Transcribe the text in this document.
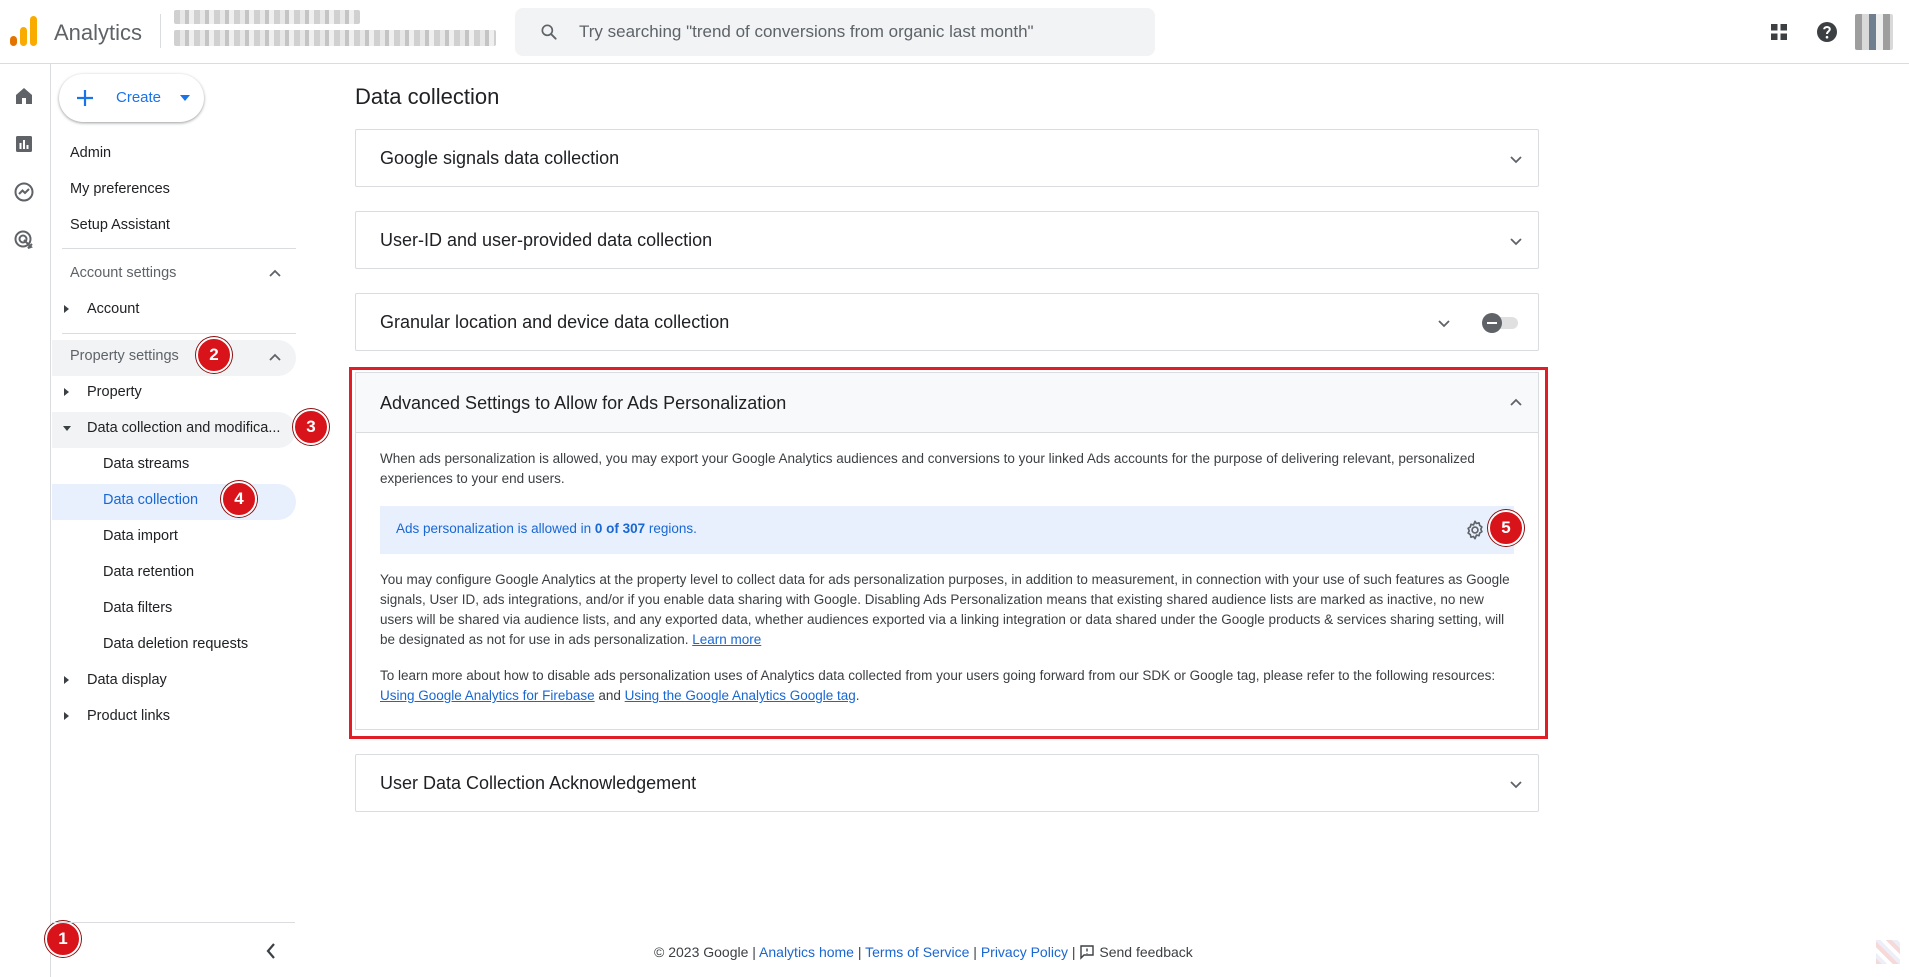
Analytics	Try searching "trend of conversions from organic last month"
1
Create
Admin
My preferences
Setup Assistant
Account settings
Account
Property settings
Property
Data collection and modifica...
Data streams
Data collection
Data import
Data retention
Data filters
Data deletion requests
Data display
Product links
2
3
4
Data collection
Google signals data collection
User-ID and user-provided data collection
Granular location and device data collection
Advanced Settings to Allow for Ads Personalization
When ads personalization is allowed, you may export your Google Analytics audiences and conversions to your linked Ads accounts for the purpose of delivering relevant, personalized experiences to your end users.
Ads personalization is allowed in 0 of 307 regions.
You may configure Google Analytics at the property level to collect data for ads personalization purposes, in addition to measurement, in connection with your use of such features as Google signals, User ID, ads integrations, and/or if you enable data sharing with Google. Disabling Ads Personalization means that existing shared audience lists are marked as inactive, no new users will be shared via audience lists, and any exported data, whether audiences exported via a linking integration or data shared under the Google products & services sharing setting, will be designated as not for use in ads personalization. Learn more
To learn more about how to disable ads personalization uses of Analytics data collected from your users going forward from our SDK or Google tag, please refer to the following resources: Using Google Analytics for Firebase and Using the Google Analytics Google tag.
5
User Data Collection Acknowledgement
© 2023 Google | Analytics home | Terms of Service | Privacy Policy | Send feedback
